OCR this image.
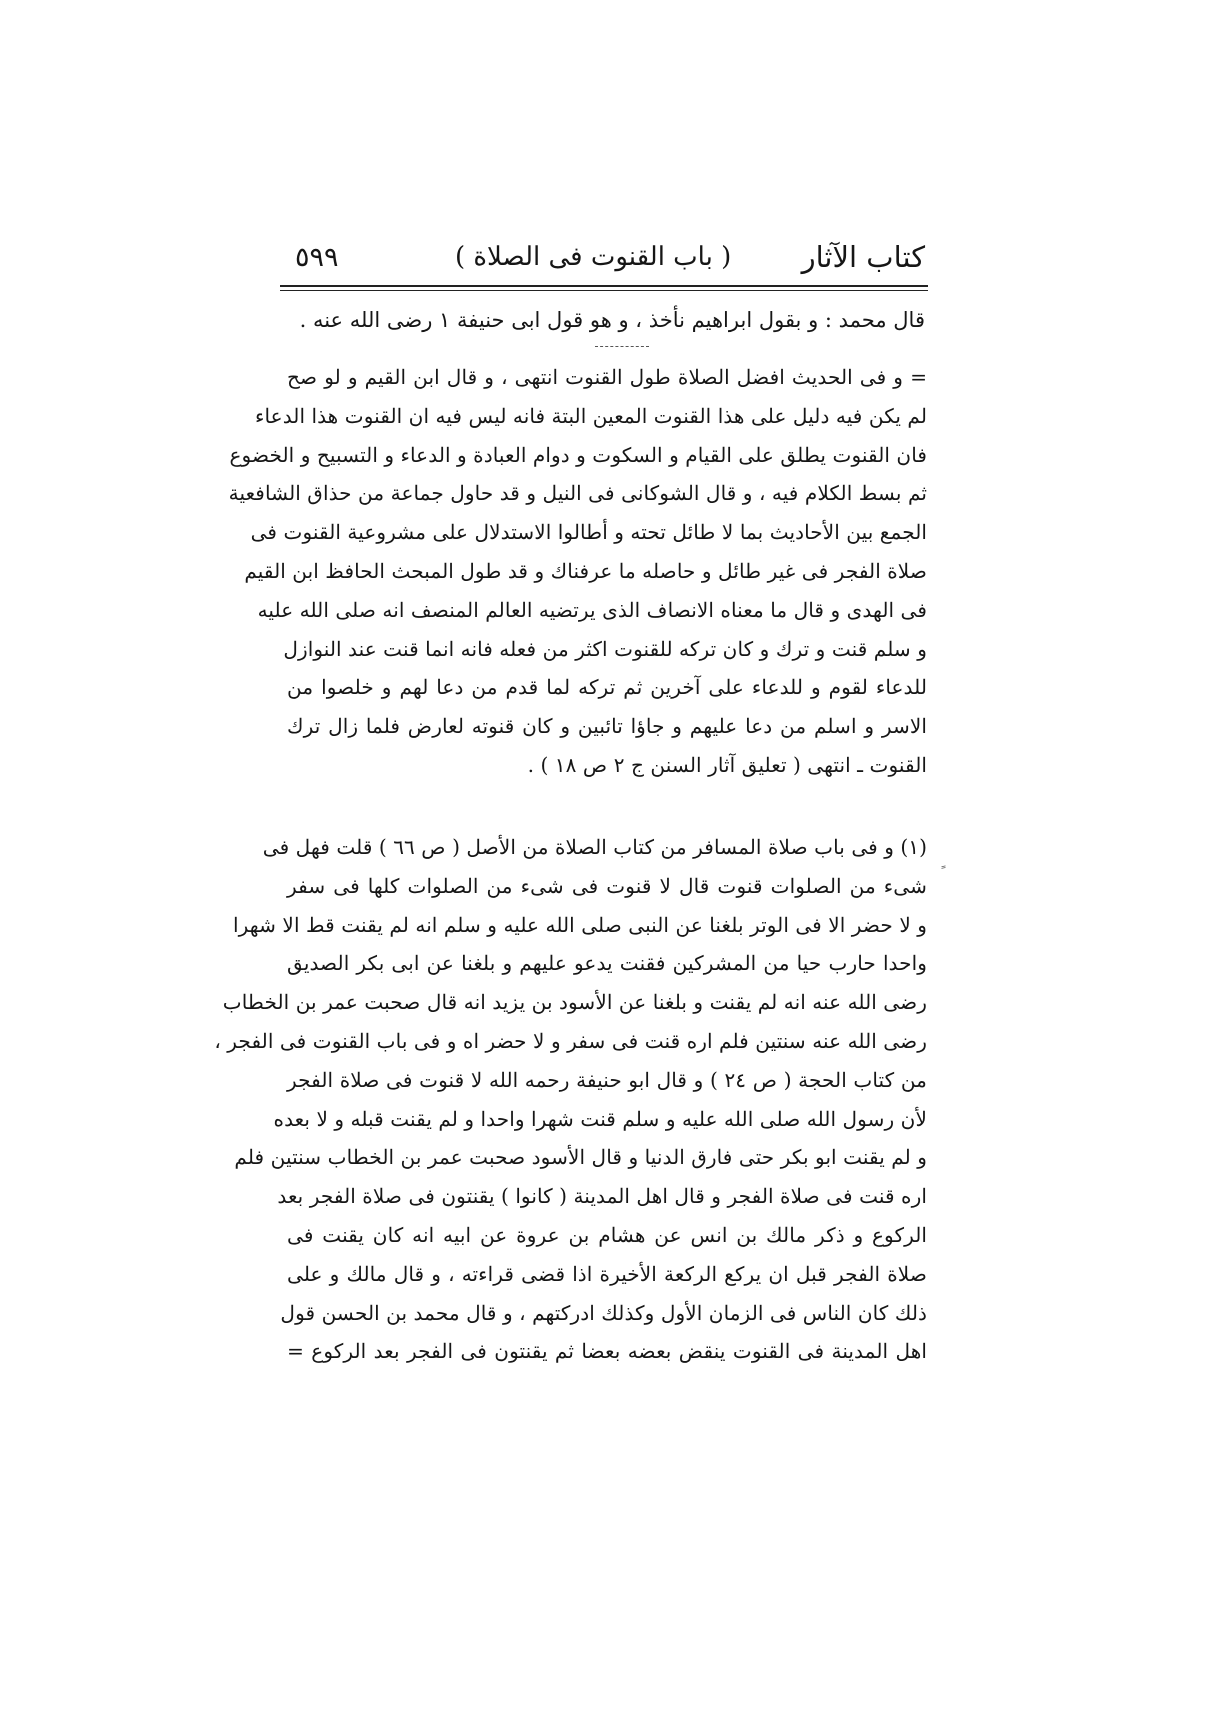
كتاب الآثار
( باب القنوت فى الصلاة )
٥٩٩
قال محمد : و بقول ابراهيم نأخذ ، و هو قول ابى حنيفة ١ رضى الله عنه .
= و فى الحديث افضل الصلاة طول القنوت انتهى ، و قال ابن القيم و لو صح
لم يكن فيه دليل على هذا القنوت المعين البتة فانه ليس فيه ان القنوت هذا الدعاء
فان القنوت يطلق على القيام و السكوت و دوام العبادة و الدعاء و التسبيح و الخضوع
ثم بسط الكلام فيه ، و قال الشوكانى فى النيل و قد حاول جماعة من حذاق الشافعية
الجمع بين الأحاديث بما لا طائل تحته و أطالوا الاستدلال على مشروعية القنوت فى
صلاة الفجر فى غير طائل و حاصله ما عرفناك و قد طول المبحث الحافظ ابن القيم
فى الهدى و قال ما معناه الانصاف الذى يرتضيه العالم المنصف انه صلى الله عليه
و سلم قنت و ترك و كان تركه للقنوت اكثر من فعله فانه انما قنت عند النوازل
للدعاء لقوم و للدعاء على آخرين ثم تركه لما قدم من دعا لهم و خلصوا من
الاسر و اسلم من دعا عليهم و جاؤا تائبين و كان قنوته لعارض فلما زال ترك
القنوت ـ انتهى ( تعليق آثار السنن ج ٢ ص ١٨ ) .
(١) و فى باب صلاة المسافر من كتاب الصلاة من الأصل ( ص ٦٦ ) قلت فهل فى
شىء من الصلوات قنوت قال لا قنوت فى شىء من الصلوات كلها فى سفر
و لا حضر الا فى الوتر بلغنا عن النبى صلى الله عليه و سلم انه لم يقنت قط الا شهرا
واحدا حارب حيا من المشركين فقنت يدعو عليهم و بلغنا عن ابى بكر الصديق
رضى الله عنه انه لم يقنت و بلغنا عن الأسود بن يزيد انه قال صحبت عمر بن الخطاب
رضى الله عنه سنتين فلم اره قنت فى سفر و لا حضر اه و فى باب القنوت فى الفجر ،
من كتاب الحجة ( ص ٢٤ ) و قال ابو حنيفة رحمه الله لا قنوت فى صلاة الفجر
لأن رسول الله صلى الله عليه و سلم قنت شهرا واحدا و لم يقنت قبله و لا بعده
و لم يقنت ابو بكر حتى فارق الدنيا و قال الأسود صحبت عمر بن الخطاب سنتين فلم
اره قنت فى صلاة الفجر و قال اهل المدينة ( كانوا ) يقنتون فى صلاة الفجر بعد
الركوع و ذكر مالك بن انس عن هشام بن عروة عن ابيه انه كان يقنت فى
صلاة الفجر قبل ان يركع الركعة الأخيرة اذا قضى قراءته ، و قال مالك و على
ذلك كان الناس فى الزمان الأول وكذلك ادركتهم ، و قال محمد بن الحسن قول
اهل المدينة فى القنوت ينقض بعضه بعضا ثم يقنتون فى الفجر بعد الركوع =
